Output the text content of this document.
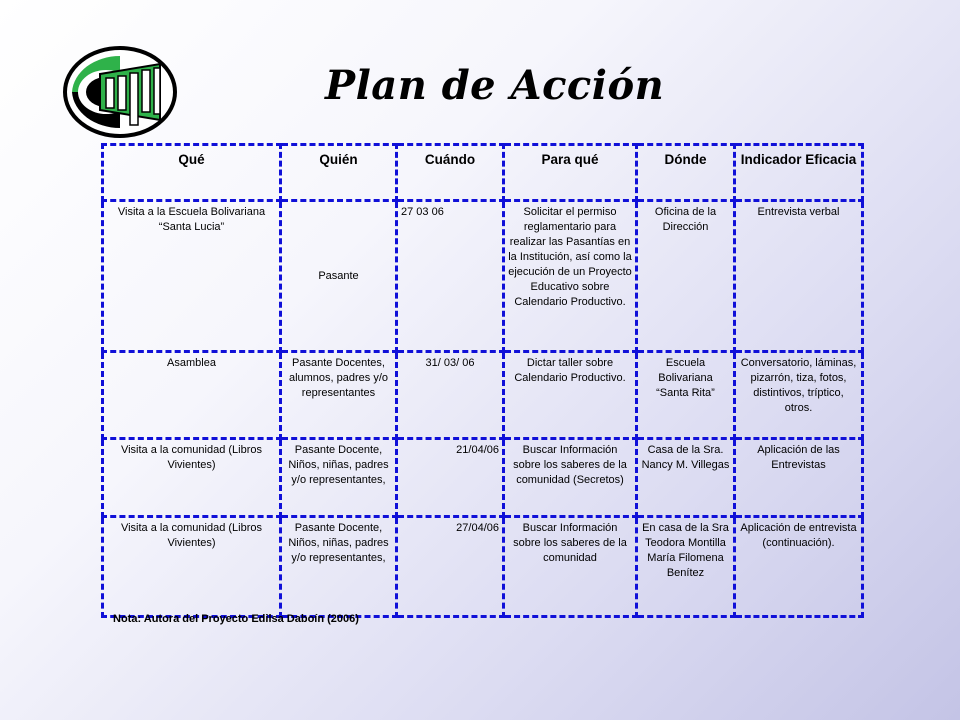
Plan de Acción
Qué	Quién	Cuándo	Para qué	Dónde	Indicador Eficacia
Visita a la Escuela Bolivariana “Santa Lucia”	Pasante	27 03 06	Solicitar el permiso reglamentario para realizar las Pasantías en la Institución, así como la ejecución de un Proyecto Educativo sobre Calendario Productivo.	Oficina de la Dirección	Entrevista verbal
Asamblea	Pasante Docentes, alumnos, padres y/o representantes	31/ 03/ 06	Dictar taller sobre Calendario Productivo.	Escuela Bolivariana “Santa Rita”	Conversatorio, láminas, pizarrón, tiza, fotos, distintivos, tríptico, otros.
Visita a la comunidad (Libros Vivientes)	Pasante Docente, Niños, niñas, padres y/o representantes,	21/04/06	Buscar Información sobre los saberes de la comunidad (Secretos)	Casa de la Sra. Nancy M. Villegas	Aplicación de las Entrevistas
Visita a la comunidad (Libros Vivientes)	Pasante Docente, Niños, niñas, padres y/o representantes,	27/04/06	Buscar Información sobre los saberes de la comunidad	En casa de la Sra Teodora Montilla María Filomena Benítez	Aplicación de entrevista (continuación).

Nota: Autora del Proyecto Edilsa Daboín (2006)
